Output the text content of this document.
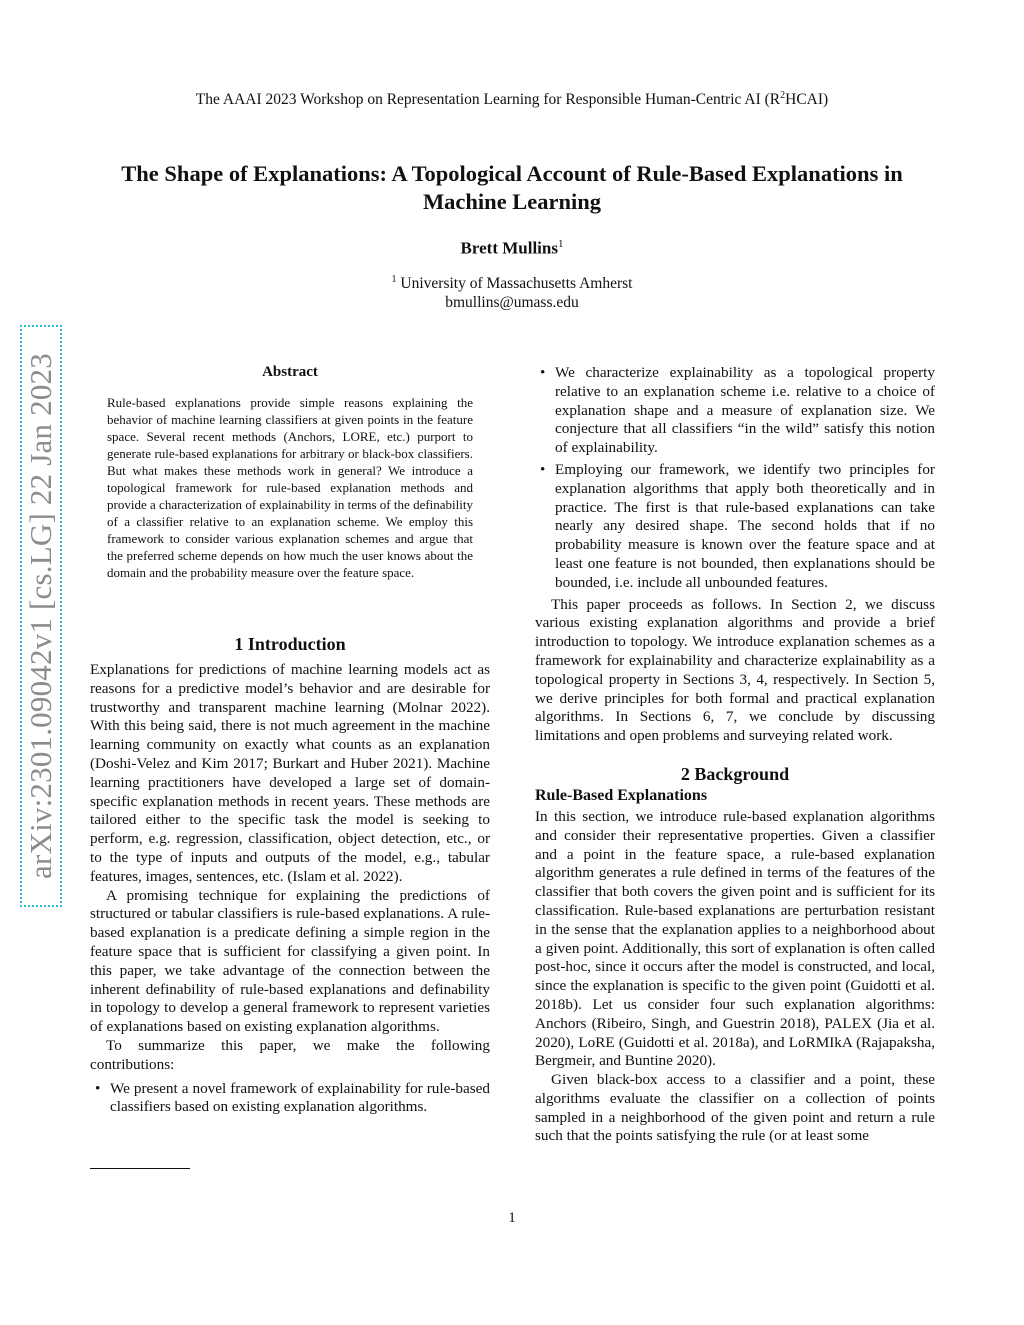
The AAAI 2023 Workshop on Representation Learning for Responsible Human-Centric AI $(R^2HCAI)$
The Shape of Explanations: A Topological Account of Rule-Based Explanations in Machine Learning
Brett Mullins$^1$
$^1$ University of Massachusetts Amherst
bmullins@umass.edu
arXiv:2301.09042v1 [cs.LG] 22 Jan 2023	Abstract

Rule-based explanations provide simple reasons explaining the behavior of machine learning classifiers at given points in the feature space. Several recent methods (Anchors, LORE, etc.) purport to generate rule-based explanations for arbitrary or black-box classifiers. But what makes these methods work in general? We introduce a topological framework for rule-based explanation methods and provide a characterization of explainability in terms of the definability of a classifier relative to an explanation scheme. We employ this framework to consider various explanation schemes and argue that the preferred scheme depends on how much the user knows about the domain and the probability measure over the feature space.

1 Introduction

Explanations for predictions of machine learning models act as reasons for a predictive model’s behavior and are desirable for trustworthy and transparent machine learning (Molnar 2022). With this being said, there is not much agreement in the machine learning community on exactly what counts as an explanation (Doshi-Velez and Kim 2017; Burkart and Huber 2021). Machine learning practitioners have developed a large set of domain-specific explanation methods in recent years. These methods are tailored either to the specific task the model is seeking to perform, e.g. regression, classification, object detection, etc., or to the type of inputs and outputs of the model, e.g., tabular features, images, sentences, etc. (Islam et al. 2022).

A promising technique for explaining the predictions of structured or tabular classifiers is rule-based explanations. A rule-based explanation is a predicate defining a simple region in the feature space that is sufficient for classifying a given point. In this paper, we take advantage of the connection between the inherent definability of rule-based explanations and definability in topology to develop a general framework to represent varieties of explanations based on existing explanation algorithms.

To summarize this paper, we make the following contributions:

• We present a novel framework of explainability for rule-based classifiers based on existing explanation algorithms.
• We characterize explainability as a topological property relative to an explanation scheme i.e. relative to a choice of explanation shape and a measure of explanation size. We conjecture that all classifiers “in the wild” satisfy this notion of explainability.
• Employing our framework, we identify two principles for explanation algorithms that apply both theoretically and in practice. The first is that rule-based explanations can take nearly any desired shape. The second holds that if no probability measure is known over the feature space and at least one feature is not bounded, then explanations should be bounded, i.e. include all unbounded features.

This paper proceeds as follows. In Section 2, we discuss various existing explanation algorithms and provide a brief introduction to topology. We introduce explanation schemes as a framework for explainability and characterize explainability as a topological property in Sections 3, 4, respectively. In Section 5, we derive principles for both formal and practical explanation algorithms. In Sections 6, 7, we conclude by discussing limitations and open problems and surveying related work.

2 Background
Rule-Based Explanations

In this section, we introduce rule-based explanation algorithms and consider their representative properties. Given a classifier and a point in the feature space, a rule-based explanation algorithm generates a rule defined in terms of the features of the classifier that both covers the given point and is sufficient for its classification. Rule-based explanations are perturbation resistant in the sense that the explanation applies to a neighborhood about a given point. Additionally, this sort of explanation is often called post-hoc, since it occurs after the model is constructed, and local, since the explanation is specific to the given point (Guidotti et al. 2018b). Let us consider four such explanation algorithms: Anchors (Ribeiro, Singh, and Guestrin 2018), PALEX (Jia et al. 2020), LoRE (Guidotti et al. 2018a), and LoRMIkA (Rajapaksha, Bergmeir, and Buntine 2020).

Given black-box access to a classifier and a point, these algorithms evaluate the classifier on a collection of points sampled in a neighborhood of the given point and return a rule such that the points satisfying the rule (or at least some

1
